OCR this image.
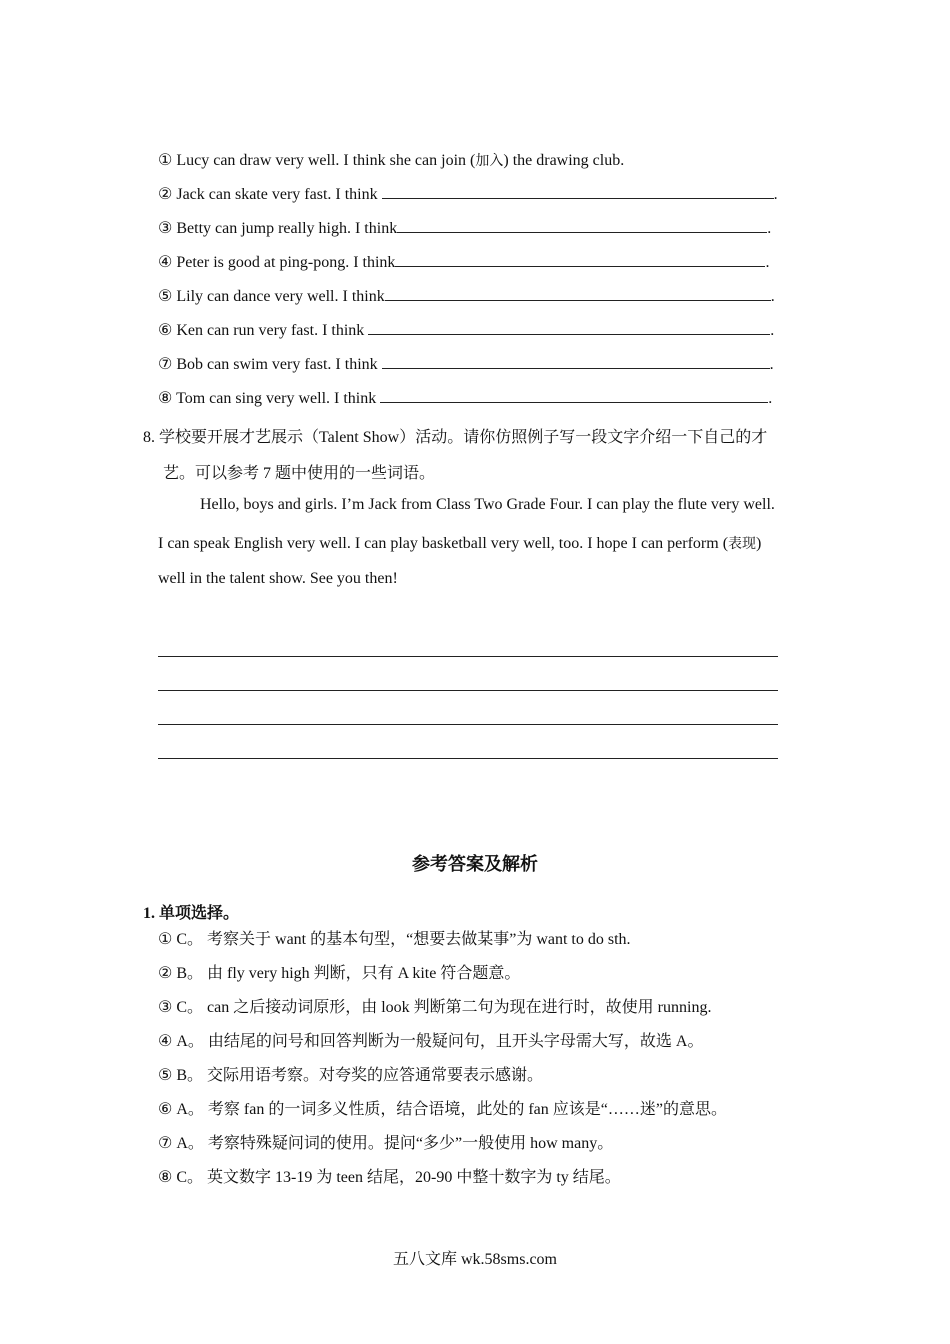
① Lucy can draw very well. I think she can join (加入) the drawing club.
② Jack can skate very fast. I think	.
③ Betty can jump really high. I think	.
④ Peter is good at ping-pong. I think	.
⑤ Lily can dance very well. I think	.
⑥ Ken can run very fast. I think	.
⑦ Bob can swim very fast. I think	.
⑧ Tom can sing very well. I think	.
8. 学校要开展才艺展示（Talent Show）活动。请你仿照例子写一段文字介绍一下自己的才
艺。可以参考 7 题中使用的一些词语。
Hello, boys and girls. I’m Jack from Class Two Grade Four. I can play the flute very well.
I can speak English very well. I can play basketball very well, too. I hope I can perform (表现)
well in the talent show. See you then!
参考答案及解析
1. 单项选择。
① C。 考察关于 want 的基本句型，“想要去做某事”为 want to do sth.
② B。 由 fly very high 判断，只有 A kite 符合题意。
③ C。 can 之后接动词原形，由 look 判断第二句为现在进行时，故使用 running.
④ A。 由结尾的问号和回答判断为一般疑问句，且开头字母需大写，故选 A。
⑤ B。 交际用语考察。对夸奖的应答通常要表示感谢。
⑥ A。 考察 fan 的一词多义性质，结合语境，此处的 fan 应该是“……迷”的意思。
⑦ A。 考察特殊疑问词的使用。提问“多少”一般使用 how many。
⑧ C。 英文数字 13-19 为 teen 结尾，20-90 中整十数字为 ty 结尾。
五八文库 wk.58sms.com
